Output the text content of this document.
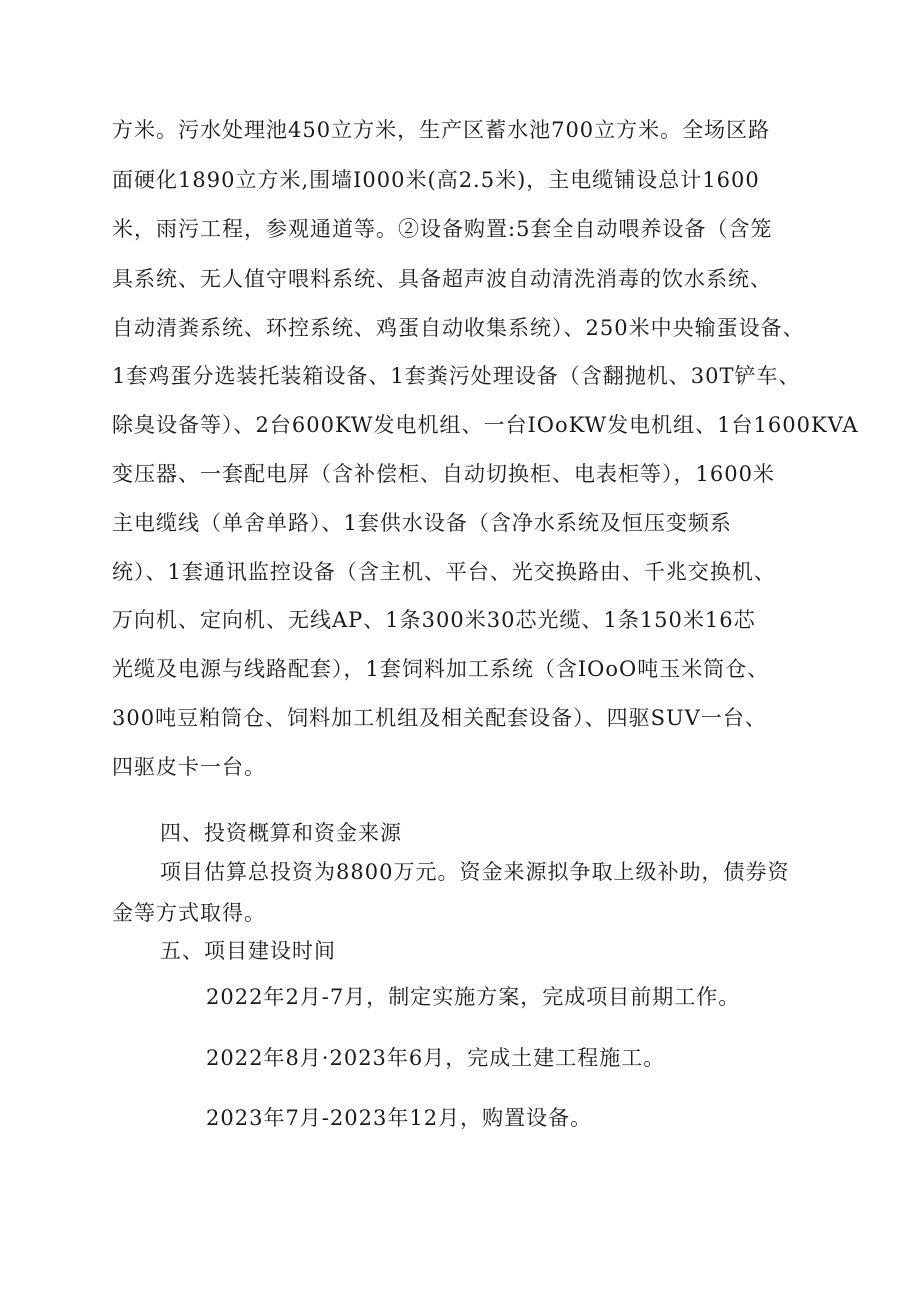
方米。污水处理池450立方米，生产区蓄水池700立方米。全场区路
面硬化1890立方米,围墙I000米(高2.5米)，主电缆铺设总计1600
米，雨污工程，参观通道等。②设备购置:5套全自动喂养设备（含笼
具系统、无人值守喂料系统、具备超声波自动清洗消毒的饮水系统、
自动清粪系统、环控系统、鸡蛋自动收集系统）、250米中央输蛋设备、
1套鸡蛋分选装托装箱设备、1套粪污处理设备（含翻抛机、30T铲车、
除臭设备等）、2台600KW发电机组、一台IOoKW发电机组、1台1600KVA
变压器、一套配电屏（含补偿柜、自动切换柜、电表柜等），1600米
主电缆线（单舍单路）、1套供水设备（含净水系统及恒压变频系
统）、1套通讯监控设备（含主机、平台、光交换路由、千兆交换机、
万向机、定向机、无线AP、1条300米30芯光缆、1条150米16芯
光缆及电源与线路配套），1套饲料加工系统（含IOoO吨玉米筒仓、
300吨豆粕筒仓、饲料加工机组及相关配套设备）、四驱SUV一台、
四驱皮卡一台。
四、投资概算和资金来源
项目估算总投资为8800万元。资金来源拟争取上级补助，债券资
金等方式取得。
五、项目建设时间
2022年2月-7月，制定实施方案，完成项目前期工作。
2022年8月·2023年6月，完成土建工程施工。
2023年7月-2023年12月，购置设备。
